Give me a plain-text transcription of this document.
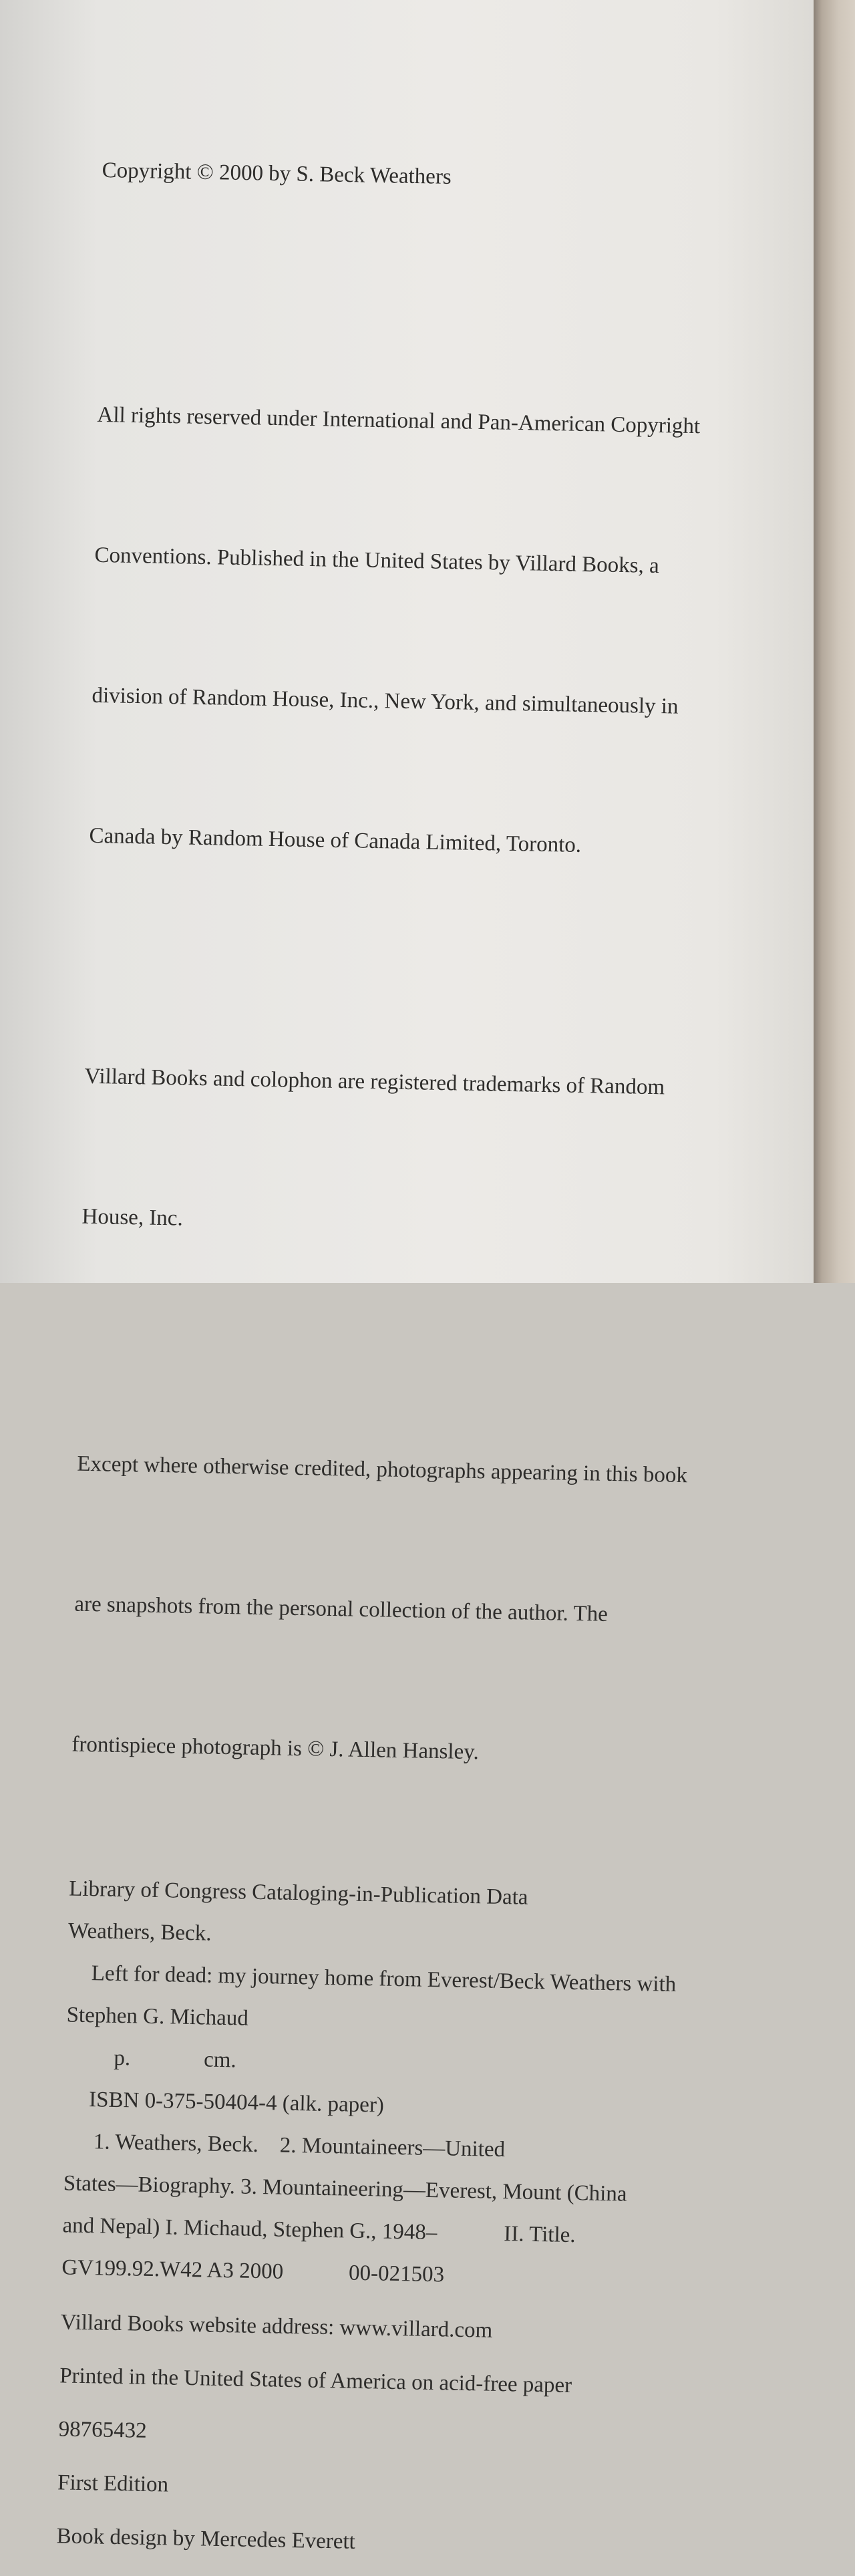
Copyright © 2000 by S. Beck Weathers

All rights reserved under International and Pan-American Copyright

Conventions. Published in the United States by Villard Books, a

division of Random House, Inc., New York, and simultaneously in

Canada by Random House of Canada Limited, Toronto.

Villard Books and colophon are registered trademarks of Random

House, Inc.

Except where otherwise credited, photographs appearing in this book

are snapshots from the personal collection of the author. The

frontispiece photograph is © J. Allen Hansley.

Library of Congress Cataloging-in-Publication Data
Weathers, Beck.
Left for dead: my journey home from Everest/Beck Weathers with
Stephen G. Michaud
p.	cm.
ISBN 0-375-50404-4 (alk. paper)
1. Weathers, Beck. 2. Mountaineers—United
States—Biography. 3. Mountaineering—Everest, Mount (China
and Nepal) I. Michaud, Stephen G., 1948–	II. Title.
GV199.92.W42 A3 2000	00-021503
Villard Books website address: www.villard.com
Printed in the United States of America on acid-free paper
98765432
First Edition
Book design by Mercedes Everett
